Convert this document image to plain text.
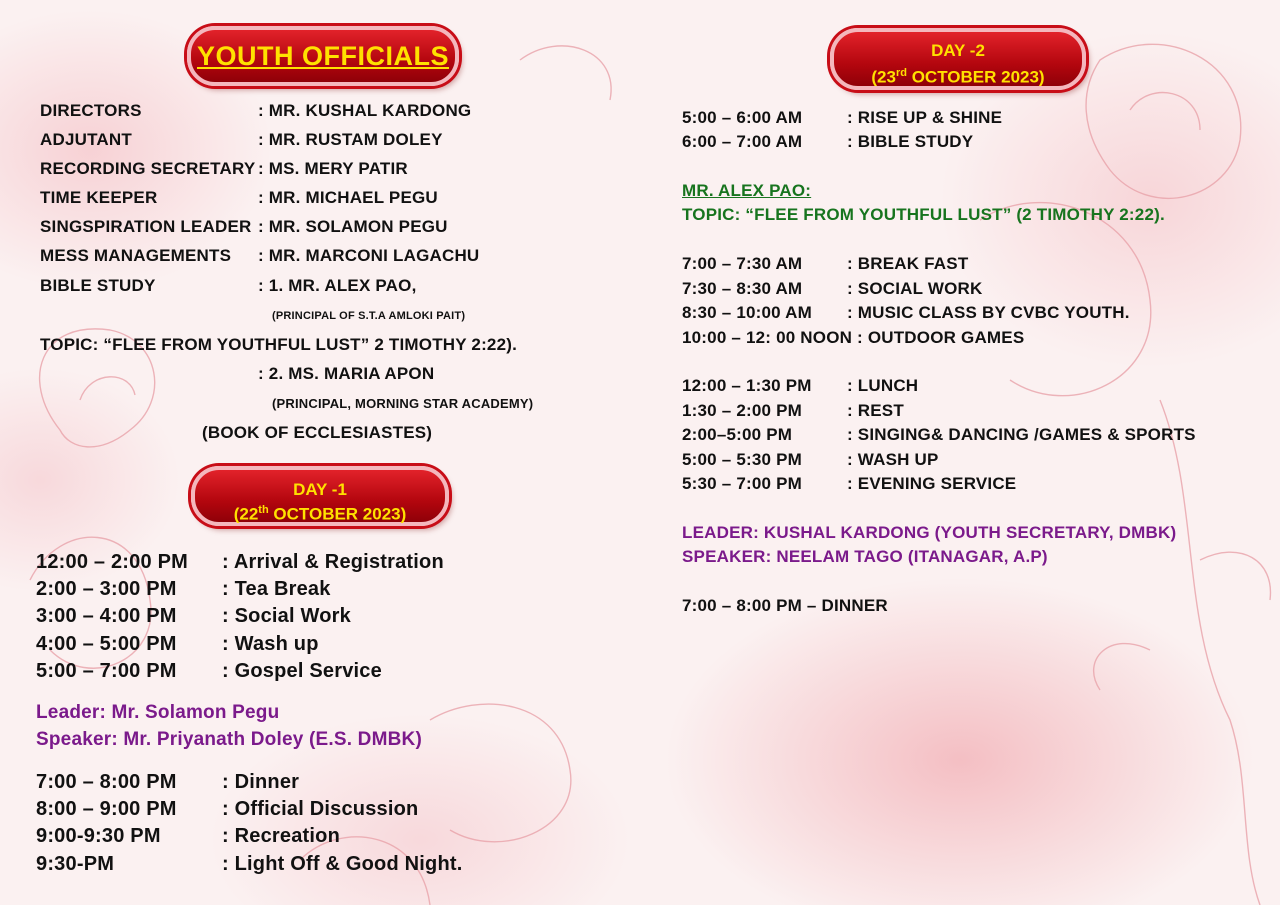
YOUTH OFFICIALS
DIRECTORS	: MR. KUSHAL KARDONG
ADJUTANT	: MR. RUSTAM DOLEY
RECORDING SECRETARY : MS. MERY PATIR
TIME KEEPER	: MR. MICHAEL PEGU
SINGSPIRATION LEADER : MR. SOLAMON PEGU
MESS MANAGEMENTS : MR. MARCONI LAGACHU
BIBLE STUDY	: 1. MR. ALEX PAO,
(PRINCIPAL OF S.T.A AMLOKI PAIT)
TOPIC: “FLEE FROM YOUTHFUL LUST” 2 TIMOTHY 2:22).
: 2. MS. MARIA APON
(PRINCIPAL, MORNING STAR ACADEMY)
(BOOK OF ECCLESIASTES)
DAY -1
(22th OCTOBER 2023)
12:00 – 2:00 PM : Arrival & Registration
2:00 – 3:00 PM : Tea Break
3:00 – 4:00 PM : Social Work
4:00 – 5:00 PM : Wash up
5:00 – 7:00 PM : Gospel Service
Leader: Mr. Solamon Pegu
Speaker: Mr. Priyanath Doley (E.S. DMBK)
7:00 – 8:00 PM : Dinner
8:00 – 9:00 PM : Official Discussion
9:00-9:30 PM	: Recreation
9:30-PM	: Light Off & Good Night.
DAY -2
(23rd OCTOBER 2023)
5:00 – 6:00 AM	: RISE UP & SHINE
6:00 – 7:00 AM	: BIBLE STUDY
MR. ALEX PAO:
TOPIC: “FLEE FROM YOUTHFUL LUST” (2 TIMOTHY 2:22).
7:00 – 7:30 AM	: BREAK FAST
7:30 – 8:30 AM	: SOCIAL WORK
8:30 – 10:00 AM : MUSIC CLASS BY CVBC YOUTH.
10:00 – 12: 00 NOON : OUTDOOR GAMES
12:00 – 1:30 PM : LUNCH
1:30 – 2:00 PM	: REST
2:00–5:00 PM	: SINGING& DANCING /GAMES & SPORTS
5:00 – 5:30 PM	: WASH UP
5:30 – 7:00 PM	: EVENING SERVICE
LEADER: KUSHAL KARDONG (YOUTH SECRETARY, DMBK)
SPEAKER: NEELAM TAGO (ITANAGAR, A.P)
7:00 – 8:00 PM – DINNER
